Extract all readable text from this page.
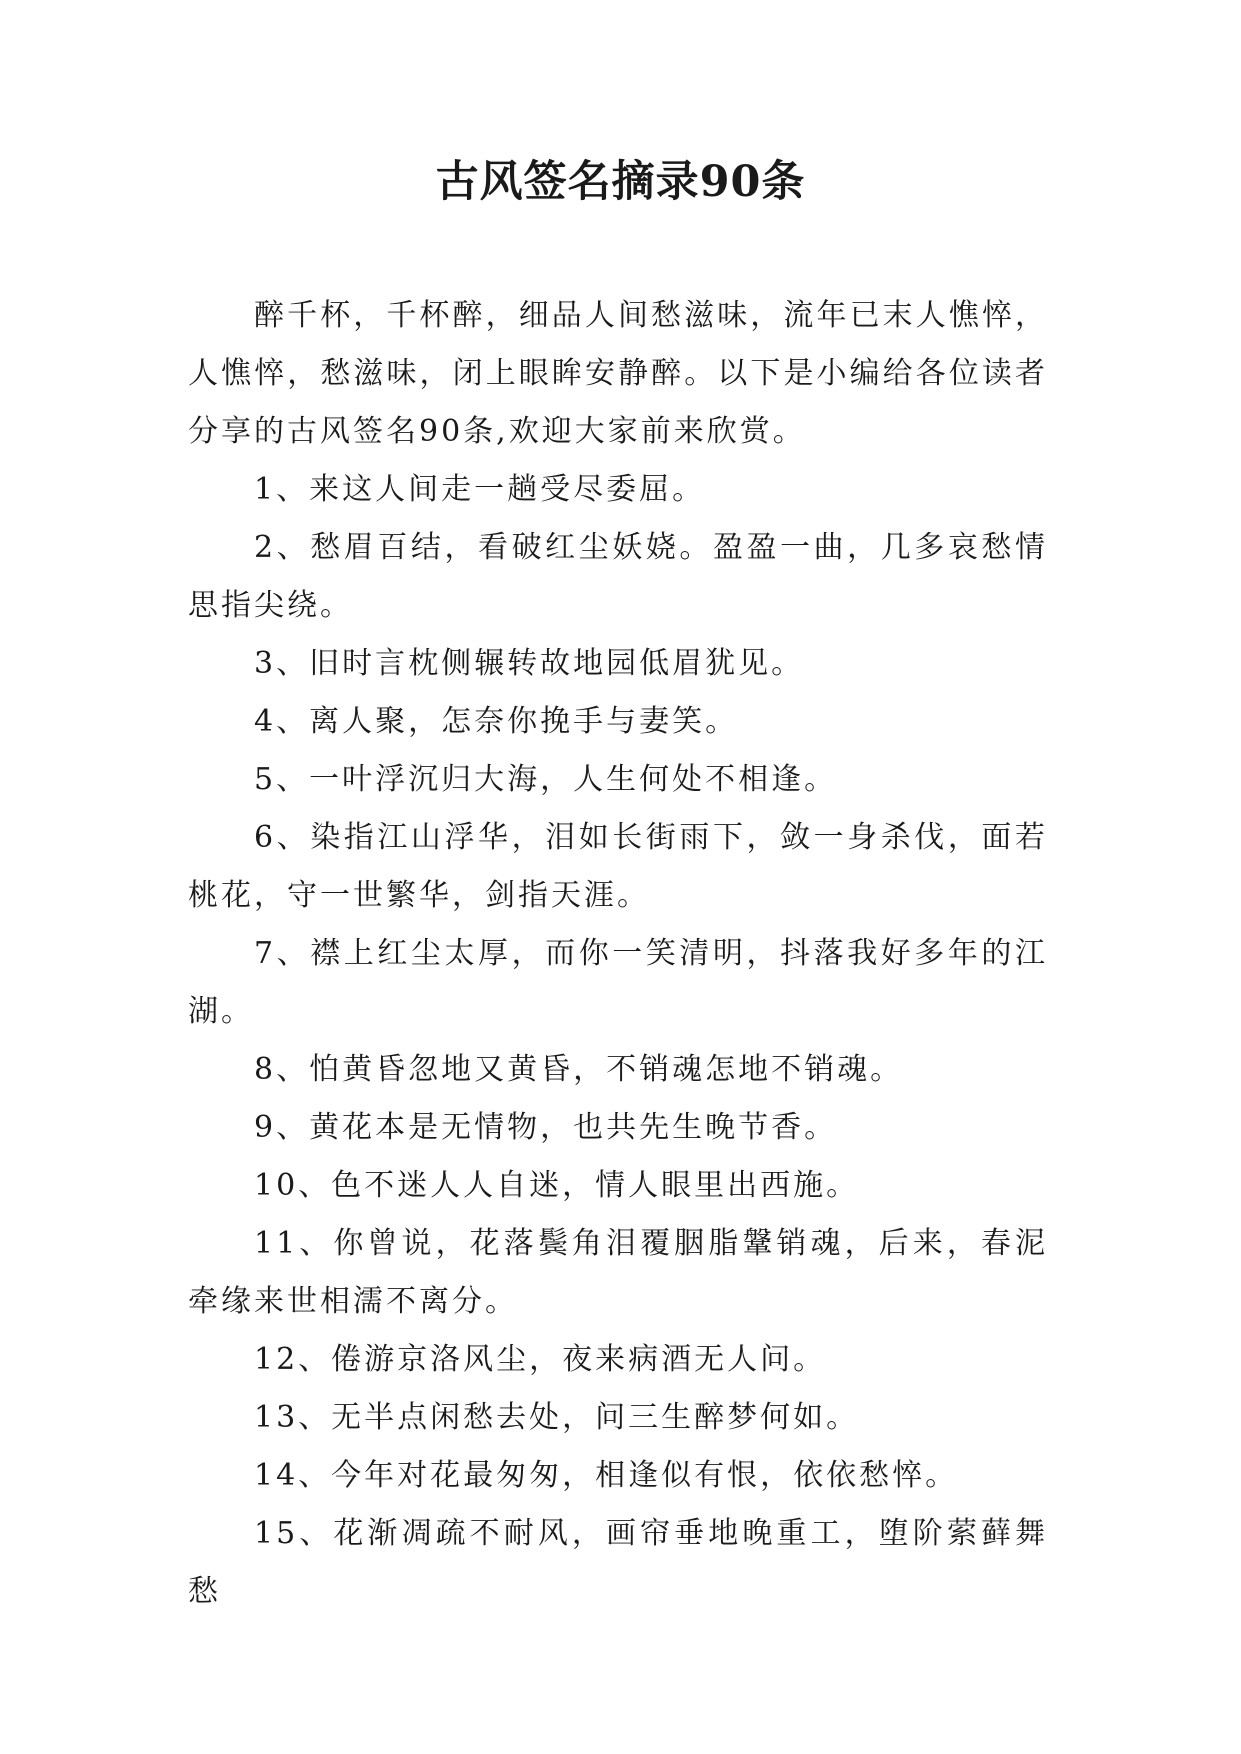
古风签名摘录90条

醉千杯，千杯醉，细品人间愁滋味，流年已末人憔悴，人憔悴，愁滋味，闭上眼眸安静醉。以下是小编给各位读者分享的古风签名90条,欢迎大家前来欣赏。

1、来这人间走一趟受尽委屈。

2、愁眉百结，看破红尘妖娆。盈盈一曲，几多哀愁情思指尖绕。

3、旧时言枕侧辗转故地园低眉犹见。

4、离人聚，怎奈你挽手与妻笑。

5、一叶浮沉归大海，人生何处不相逢。

6、染指江山浮华，泪如长街雨下，敛一身杀伐，面若桃花，守一世繁华，剑指天涯。

7、襟上红尘太厚，而你一笑清明，抖落我好多年的江湖。

8、怕黄昏忽地又黄昏，不销魂怎地不销魂。

9、黄花本是无情物，也共先生晚节香。

10、色不迷人人自迷，情人眼里出西施。

11、你曾说，花落鬓角泪覆胭脂鞶销魂，后来，春泥牵缘来世相濡不离分。

12、倦游京洛风尘，夜来病酒无人问。

13、无半点闲愁去处，问三生醉梦何如。

14、今年对花最匆匆，相逢似有恨，依依愁悴。

15、花渐凋疏不耐风，画帘垂地晚重工，堕阶萦藓舞愁
